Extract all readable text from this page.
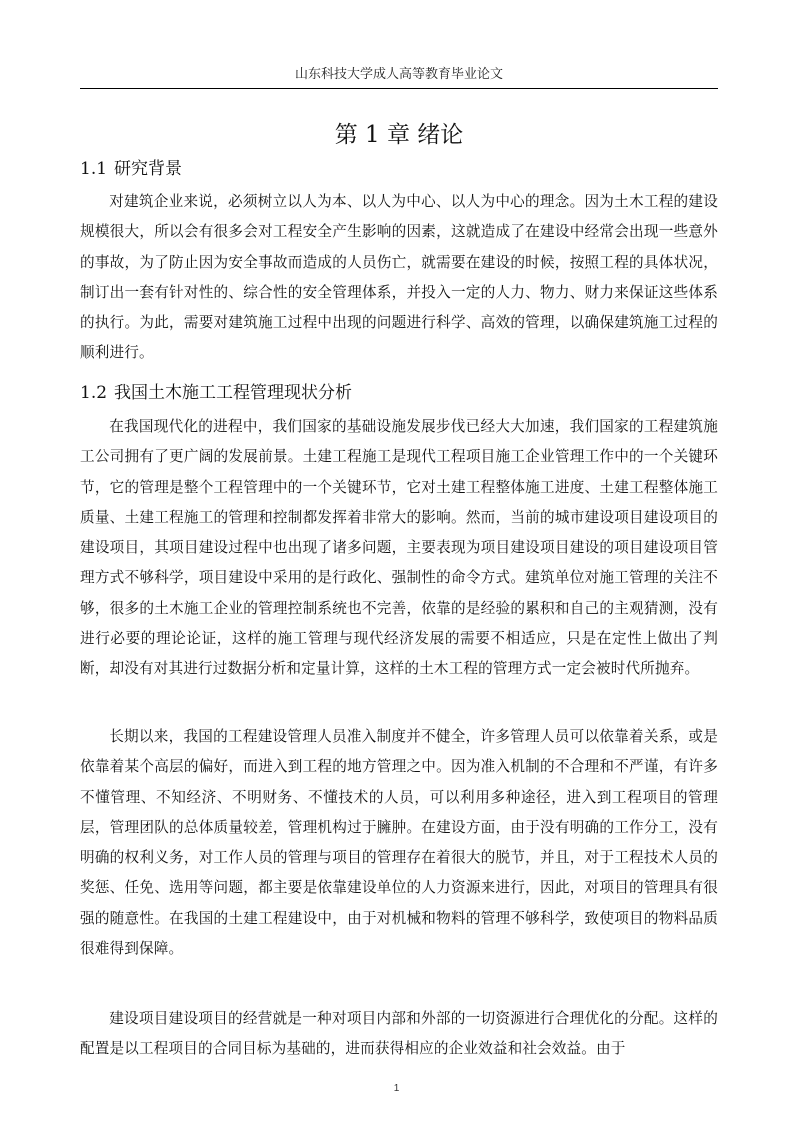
山东科技大学成人高等教育毕业论文
第 1 章 绪论
1.1 研究背景
对建筑企业来说，必须树立以人为本、以人为中心、以人为中心的理念。因为土木工程的建设规模很大，所以会有很多会对工程安全产生影响的因素，这就造成了在建设中经常会出现一些意外的事故，为了防止因为安全事故而造成的人员伤亡，就需要在建设的时候，按照工程的具体状况，制订出一套有针对性的、综合性的安全管理体系，并投入一定的人力、物力、财力来保证这些体系的执行。为此，需要对建筑施工过程中出现的问题进行科学、高效的管理，以确保建筑施工过程的顺利进行。
1.2 我国土木施工工程管理现状分析
在我国现代化的进程中，我们国家的基础设施发展步伐已经大大加速，我们国家的工程建筑施工公司拥有了更广阔的发展前景。土建工程施工是现代工程项目施工企业管理工作中的一个关键环节，它的管理是整个工程管理中的一个关键环节，它对土建工程整体施工进度、土建工程整体施工质量、土建工程施工的管理和控制都发挥着非常大的影响。然而，当前的城市建设项目建设项目的建设项目，其项目建设过程中也出现了诸多问题，主要表现为项目建设项目建设的项目建设项目管理方式不够科学，项目建设中采用的是行政化、强制性的命令方式。建筑单位对施工管理的关注不够，很多的土木施工企业的管理控制系统也不完善，依靠的是经验的累积和自己的主观猜测，没有进行必要的理论论证，这样的施工管理与现代经济发展的需要不相适应，只是在定性上做出了判断，却没有对其进行过数据分析和定量计算，这样的土木工程的管理方式一定会被时代所抛弃。
长期以来，我国的工程建设管理人员准入制度并不健全，许多管理人员可以依靠着关系，或是依靠着某个高层的偏好，而进入到工程的地方管理之中。因为准入机制的不合理和不严谨，有许多不懂管理、不知经济、不明财务、不懂技术的人员，可以利用多种途径，进入到工程项目的管理层，管理团队的总体质量较差，管理机构过于臃肿。在建设方面，由于没有明确的工作分工，没有明确的权利义务，对工作人员的管理与项目的管理存在着很大的脱节，并且，对于工程技术人员的奖惩、任免、选用等问题，都主要是依靠建设单位的人力资源来进行，因此，对项目的管理具有很强的随意性。在我国的土建工程建设中，由于对机械和物料的管理不够科学，致使项目的物料品质很难得到保障。
建设项目建设项目的经营就是一种对项目内部和外部的一切资源进行合理优化的分配。这样的配置是以工程项目的合同目标为基础的，进而获得相应的企业效益和社会效益。由于
1
